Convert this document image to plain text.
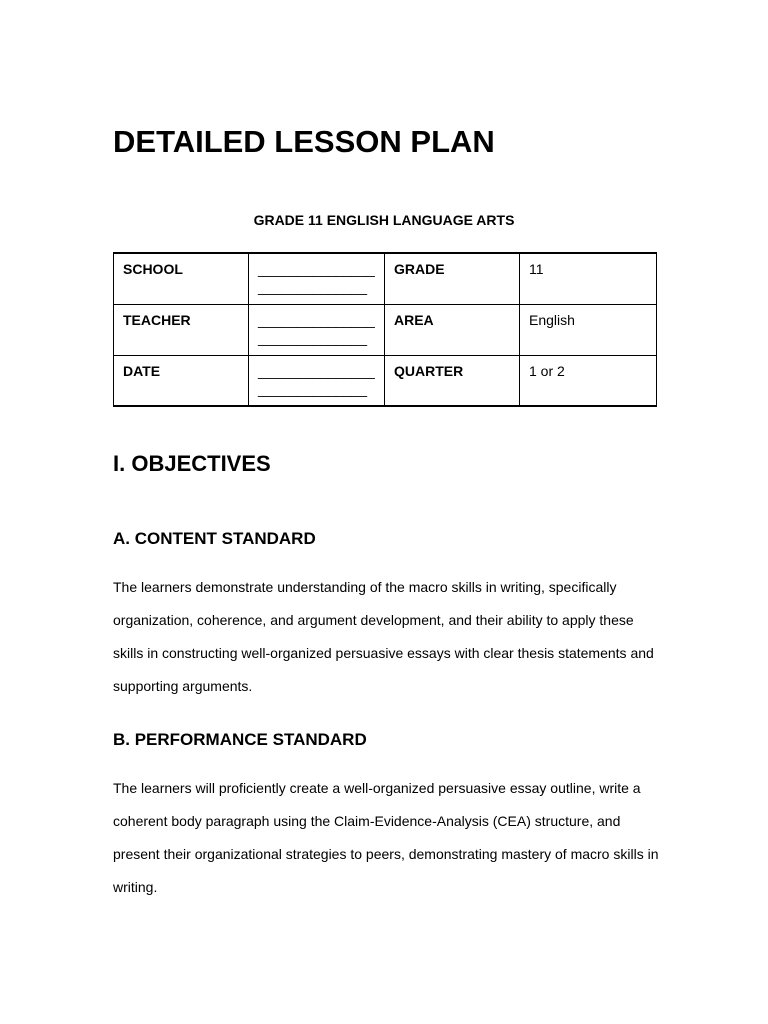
DETAILED LESSON PLAN

GRADE 11 ENGLISH LANGUAGE ARTS

SCHOOL	_______________ ______________	GRADE	11
TEACHER	_______________ ______________	AREA	English
DATE	_______________ ______________	QUARTER	1 or 2
I. OBJECTIVES
A. CONTENT STANDARD

The learners demonstrate understanding of the macro skills in writing, specifically organization, coherence, and argument development, and their ability to apply these skills in constructing well-organized persuasive essays with clear thesis statements and supporting arguments.

B. PERFORMANCE STANDARD

The learners will proficiently create a well-organized persuasive essay outline, write a coherent body paragraph using the Claim-Evidence-Analysis (CEA) structure, and present their organizational strategies to peers, demonstrating mastery of macro skills in writing.
